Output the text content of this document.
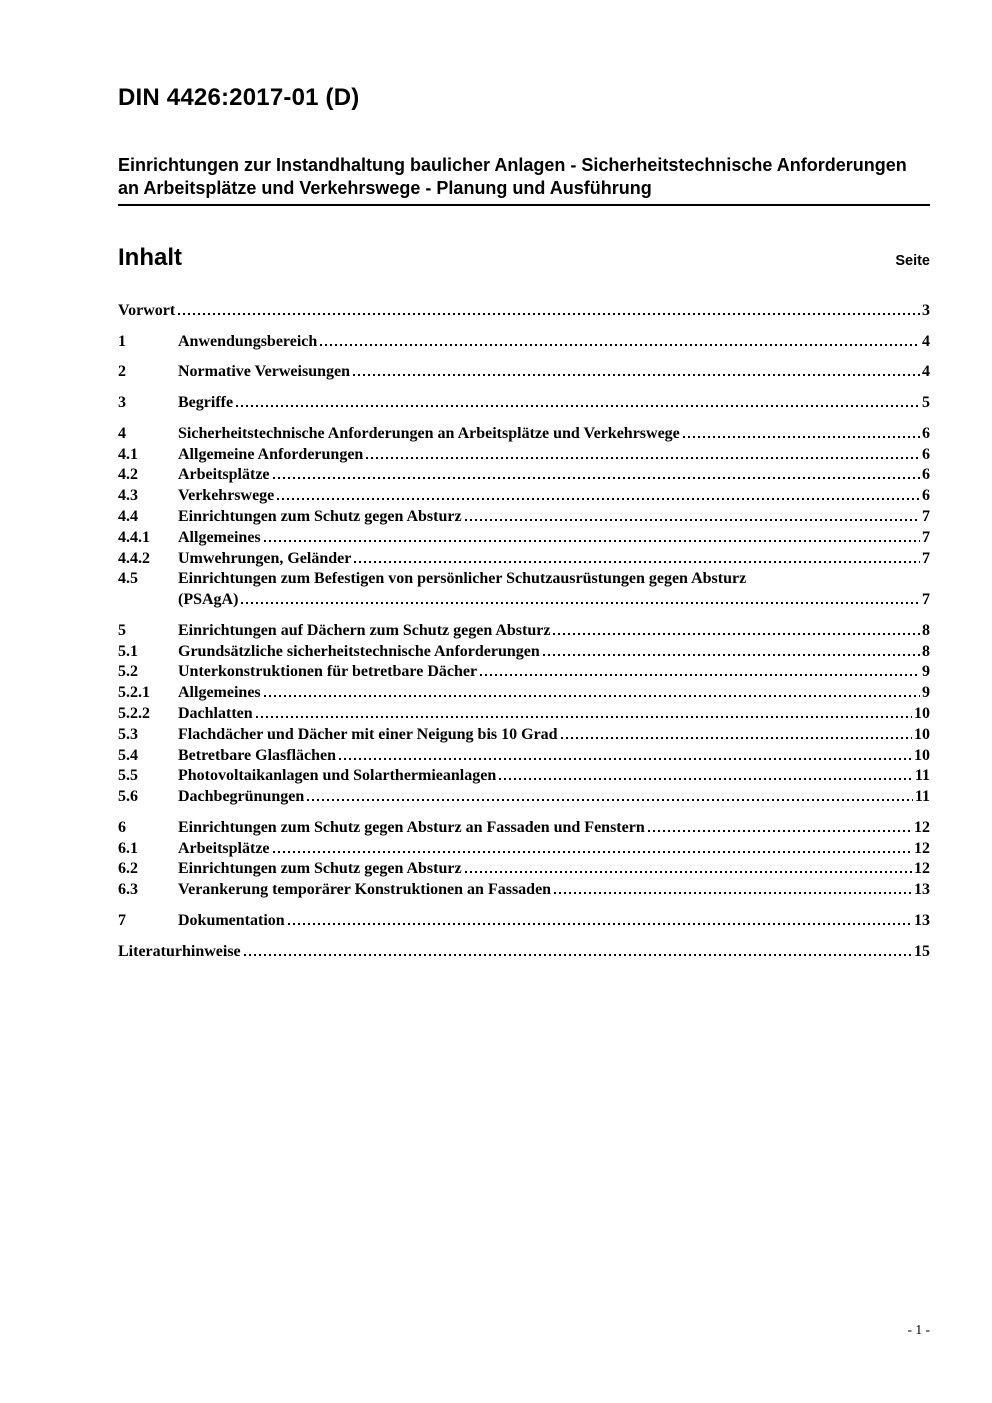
DIN 4426:2017-01 (D)
Einrichtungen zur Instandhaltung baulicher Anlagen - Sicherheitstechnische Anforderungen an Arbeitsplätze und Verkehrswege - Planung und Ausführung
Inhalt	Seite
Vorwort	3
1	Anwendungsbereich	4
2	Normative Verweisungen	4
3	Begriffe	5
4	Sicherheitstechnische Anforderungen an Arbeitsplätze und Verkehrswege	6
4.1	Allgemeine Anforderungen	6
4.2	Arbeitsplätze	6
4.3	Verkehrswege	6
4.4	Einrichtungen zum Schutz gegen Absturz	7
4.4.1	Allgemeines	7
4.4.2	Umwehrungen, Geländer	7
4.5	Einrichtungen zum Befestigen von persönlicher Schutzausrüstungen gegen Absturz
(PSAgA)	7
5	Einrichtungen auf Dächern zum Schutz gegen Absturz	8
5.1	Grundsätzliche sicherheitstechnische Anforderungen	8
5.2	Unterkonstruktionen für betretbare Dächer	9
5.2.1	Allgemeines	9
5.2.2	Dachlatten	10
5.3	Flachdächer und Dächer mit einer Neigung bis 10 Grad	10
5.4	Betretbare Glasflächen	10
5.5	Photovoltaikanlagen und Solarthermieanlagen	11
5.6	Dachbegrünungen	11
6	Einrichtungen zum Schutz gegen Absturz an Fassaden und Fenstern	12
6.1	Arbeitsplätze	12
6.2	Einrichtungen zum Schutz gegen Absturz	12
6.3	Verankerung temporärer Konstruktionen an Fassaden	13
7	Dokumentation	13
Literaturhinweise	15
- 1 -
